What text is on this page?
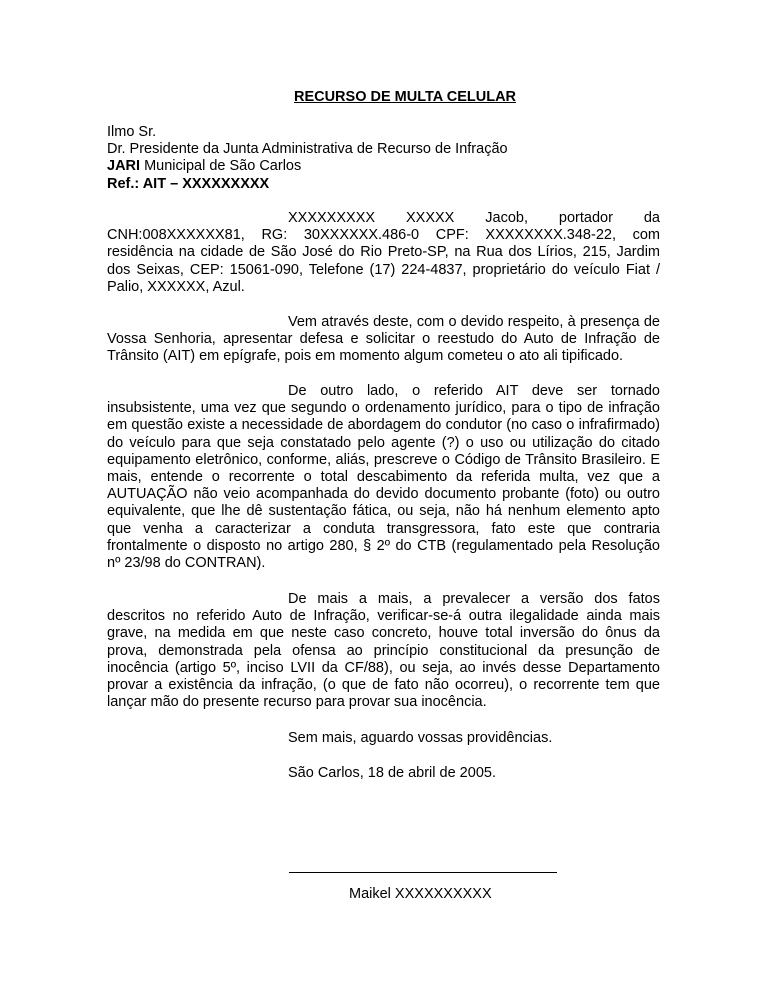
RECURSO DE MULTA CELULAR
Ilmo Sr.
Dr. Presidente da Junta Administrativa de Recurso de Infração
JARI Municipal de São Carlos
Ref.: AIT – XXXXXXXXX

XXXXXXXXX XXXXX Jacob, portador da CNH:008XXXXXX81, RG: 30XXXXXX.486-0 CPF: XXXXXXXX.348-22, com residência na cidade de São José do Rio Preto-SP, na Rua dos Lírios, 215, Jardim dos Seixas, CEP: 15061-090, Telefone (17) 224-4837, proprietário do veículo Fiat / Palio, XXXXXX, Azul.

Vem através deste, com o devido respeito, à presença de Vossa Senhoria, apresentar defesa e solicitar o reestudo do Auto de Infração de Trânsito (AIT) em epígrafe, pois em momento algum cometeu o ato ali tipificado.

De outro lado, o referido AIT deve ser tornado insubsistente, uma vez que segundo o ordenamento jurídico, para o tipo de infração em questão existe a necessidade de abordagem do condutor (no caso o infrafirmado) do veículo para que seja constatado pelo agente (?) o uso ou utilização do citado equipamento eletrônico, conforme, aliás, prescreve o Código de Trânsito Brasileiro. E mais, entende o recorrente o total descabimento da referida multa, vez que a AUTUAÇÃO não veio acompanhada do devido documento probante (foto) ou outro equivalente, que lhe dê sustentação fática, ou seja, não há nenhum elemento apto que venha a caracterizar a conduta transgressora, fato este que contraria frontalmente o disposto no artigo 280, § 2º do CTB (regulamentado pela Resolução nº 23/98 do CONTRAN).

De mais a mais, a prevalecer a versão dos fatos descritos no referido Auto de Infração, verificar-se-á outra ilegalidade ainda mais grave, na medida em que neste caso concreto, houve total inversão do ônus da prova, demonstrada pela ofensa ao princípio constitucional da presunção de inocência (artigo 5º, inciso LVII da CF/88), ou seja, ao invés desse Departamento provar a existência da infração, (o que de fato não ocorreu), o recorrente tem que lançar mão do presente recurso para provar sua inocência.

Sem mais, aguardo vossas providências.
São Carlos, 18 de abril de 2005.
Maikel XXXXXXXXXX
